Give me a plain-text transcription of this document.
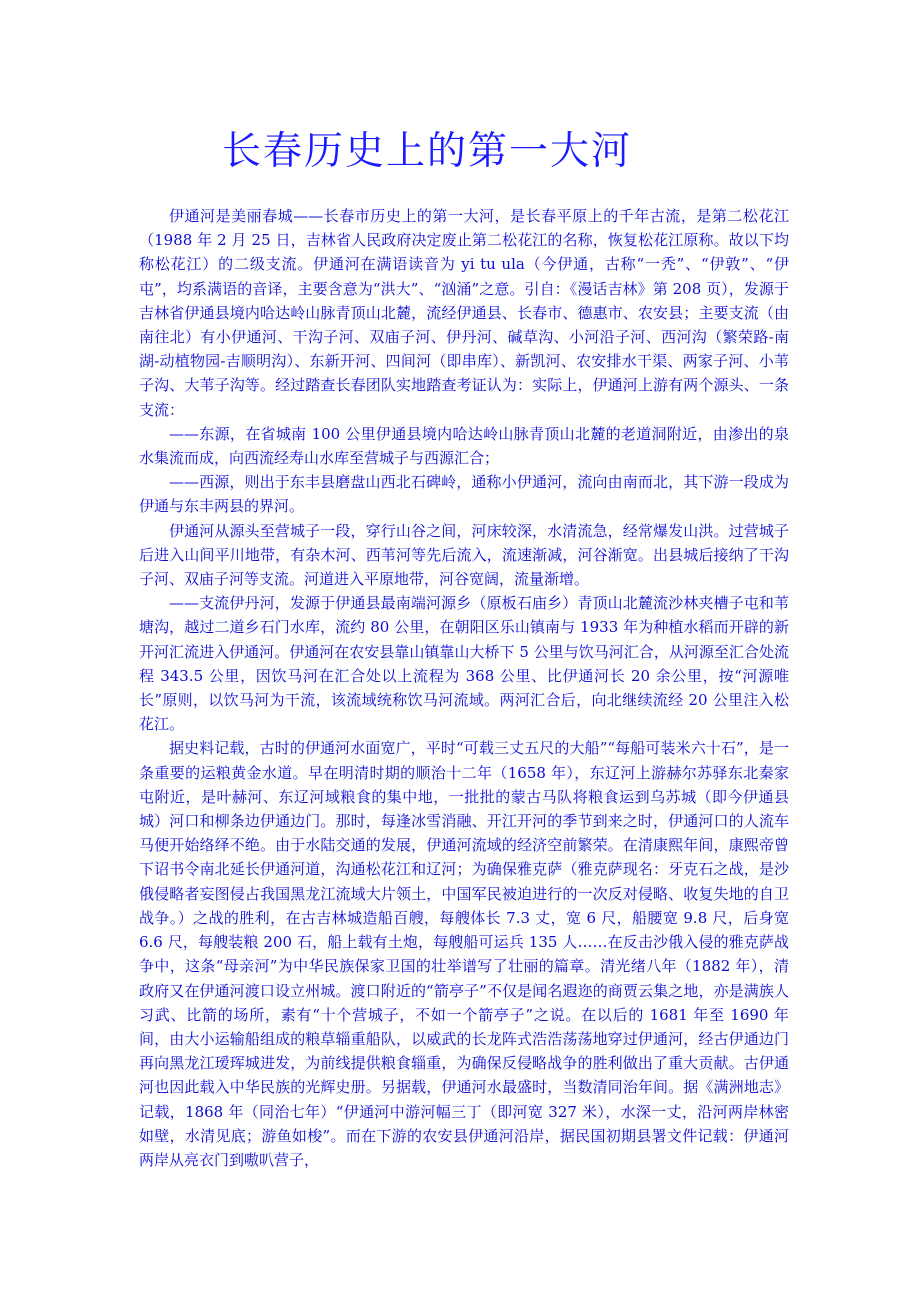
长春历史上的第一大河

伊通河是美丽春城——长春市历史上的第一大河，是长春平原上的千年古流，是第二松花江（1988 年 2 月 25 日，吉林省人民政府决定废止第二松花江的名称，恢复松花江原称。故以下均称松花江）的二级支流。伊通河在满语读音为 yi tu ula（今伊通，古称“一秃”、“伊敦”、“伊屯”，均系满语的音译，主要含意为“洪大”、“汹涌”之意。引自：《漫话吉林》第 208 页），发源于吉林省伊通县境内哈达岭山脉青顶山北麓，流经伊通县、长春市、德惠市、农安县；主要支流（由南往北）有小伊通河、干沟子河、双庙子河、伊丹河、碱草沟、小河沿子河、西河沟（繁荣路-南湖-动植物园-吉顺明沟）、东新开河、四间河（即串库）、新凯河、农安排水干渠、两家子河、小苇子沟、大苇子沟等。经过踏查长春团队实地踏查考证认为：实际上，伊通河上游有两个源头、一条支流：

——东源，在省城南 100 公里伊通县境内哈达岭山脉青顶山北麓的老道洞附近，由渗出的泉水集流而成，向西流经寿山水库至营城子与西源汇合；

——西源，则出于东丰县磨盘山西北石碑岭，通称小伊通河，流向由南而北，其下游一段成为伊通与东丰两县的界河。

伊通河从源头至营城子一段，穿行山谷之间，河床较深，水清流急，经常爆发山洪。过营城子后进入山间平川地带，有杂木河、西苇河等先后流入，流速渐减，河谷渐宽。出县城后接纳了干沟子河、双庙子河等支流。河道进入平原地带，河谷宽阔，流量渐增。

——支流伊丹河，发源于伊通县最南端河源乡（原板石庙乡）青顶山北麓流沙林夹槽子屯和苇塘沟，越过二道乡石门水库，流约 80 公里，在朝阳区乐山镇南与 1933 年为种植水稻而开辟的新开河汇流进入伊通河。伊通河在农安县靠山镇靠山大桥下 5 公里与饮马河汇合，从河源至汇合处流程 343.5 公里，因饮马河在汇合处以上流程为 368 公里、比伊通河长 20 余公里，按“河源唯长”原则，以饮马河为干流，该流域统称饮马河流域。两河汇合后，向北继续流经 20 公里注入松花江。

据史料记载，古时的伊通河水面宽广，平时“可载三丈五尺的大船”“每船可装米六十石”，是一条重要的运粮黄金水道。早在明清时期的顺治十二年（1658 年），东辽河上游赫尔苏驿东北秦家屯附近，是叶赫河、东辽河域粮食的集中地，一批批的蒙古马队将粮食运到乌苏城（即今伊通县城）河口和柳条边伊通边门。那时，每逢冰雪消融、开江开河的季节到来之时，伊通河口的人流车马便开始络绎不绝。由于水陆交通的发展，伊通河流域的经济空前繁荣。在清康熙年间，康熙帝曾下诏书令南北延长伊通河道，沟通松花江和辽河；为确保雅克萨（雅克萨现名：牙克石之战，是沙俄侵略者妄图侵占我国黑龙江流域大片领土，中国军民被迫进行的一次反对侵略、收复失地的自卫战争。）之战的胜利，在古吉林城造船百艘，每艘体长 7.3 丈，宽 6 尺，船腰宽 9.8 尺，后身宽 6.6 尺，每艘装粮 200 石，船上载有土炮，每艘船可运兵 135 人……在反击沙俄入侵的雅克萨战争中，这条“母亲河”为中华民族保家卫国的壮举谱写了壮丽的篇章。清光绪八年（1882 年），清政府又在伊通河渡口设立州城。渡口附近的“箭亭子”不仅是闻名遐迩的商贾云集之地，亦是满族人习武、比箭的场所，素有“十个营城子，不如一个箭亭子”之说。在以后的 1681 年至 1690 年间，由大小运输船组成的粮草辎重船队，以威武的长龙阵式浩浩荡荡地穿过伊通河，经古伊通边门再向黑龙江瑷珲城进发，为前线提供粮食辎重，为确保反侵略战争的胜利做出了重大贡献。古伊通河也因此载入中华民族的光辉史册。另据载，伊通河水最盛时，当数清同治年间。据《满洲地志》记载，1868 年（同治七年）“伊通河中游河幅三丁（即河宽 327 米），水深一丈，沿河两岸林密如壁，水清见底；游鱼如梭”。而在下游的农安县伊通河沿岸，据民国初期县署文件记载：伊通河两岸从亮衣门到嗷叭营子，
